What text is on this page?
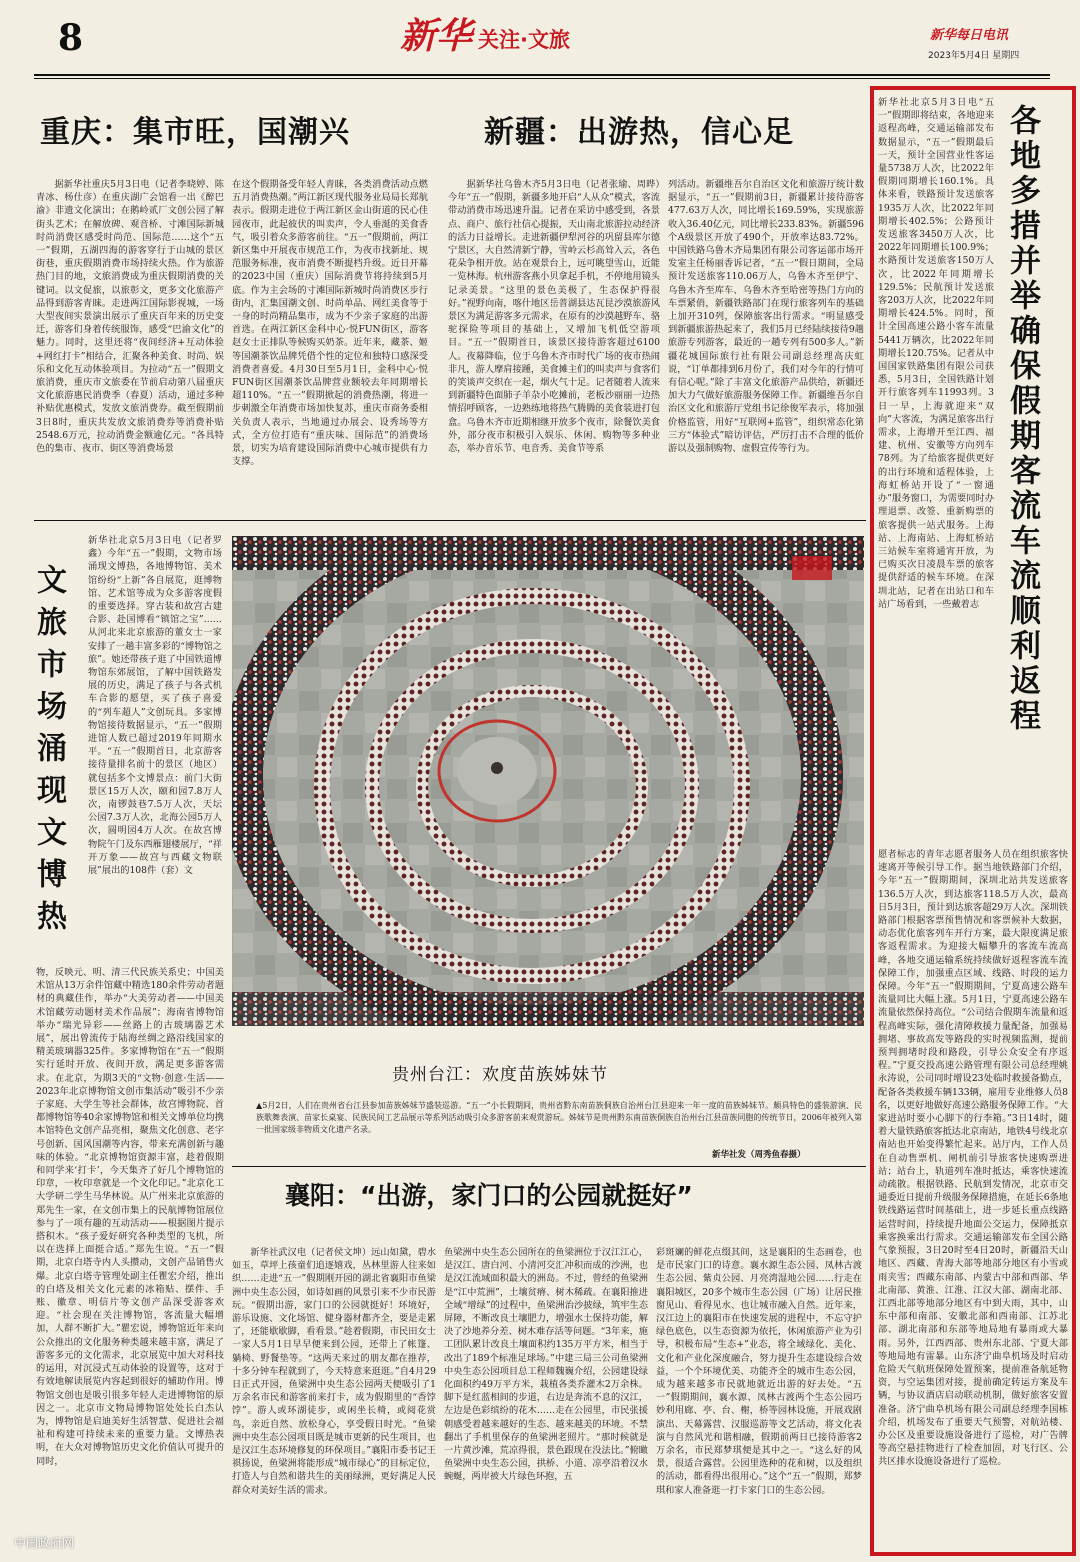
8	新华 关注·文旅	新华每日电讯
2023年5月4日 星期四
重庆：集市旺，国潮兴

据新华社重庆5月3日电（记者李晓婷、陈青冰、杨仕彦）在重庆湖广会馆看一出《醉巴渝》非遗文化演出；在鹅岭贰厂文创公园了解街头艺术；在解放碑、观音桥、寸滩国际新城时尚消费区感受时尚范、国际范……这个“五一”假期，五湖四海的游客穿行于山城的景区街巷，重庆假期消费市场持续火热。作为旅游热门目的地，文旅消费成为重庆假期消费的关键词。以文促旅，以旅彰文，更多文化旅游产品得到游客青睐。走进两江国际影视城，一场大型夜间实景演出展示了重庆百年来的历史变迁，游客们身着传统服饰，感受“巴渝文化”的魅力。同时，这里还将“夜间经济+互动体验+网红打卡”相结合，汇聚各种美食、时尚、娱乐和文化互动体验项目。为拉动“五一”假期文旅消费，重庆市文旅委在节前启动第八届重庆文化旅游惠民消费季（春夏）活动，通过多种补贴优惠模式，发放文旅消费券。截至假期前3日8时，重庆共发放文旅消费券等消费补贴2548.6万元，拉动消费金额逾亿元。“各具特色的集市、夜市、街区等消费场景

在这个假期备受年轻人青睐，各类消费活动点燃五月消费热潮。”两江新区现代服务业局局长郑航表示。假期走进位于两江新区金山街道的民心佳园夜市，此起彼伏的叫卖声，令人垂涎的美食香气，吸引着众多游客前往。“五一”假期前，两江新区集中开展夜市规范工作，为夜市找新址、规范服务标准，夜市消费不断提档升级。近日开幕的2023中国（重庆）国际消费节将持续到5月底。作为主会场的寸滩国际新城时尚消费区步行街内，汇集国潮文创、时尚单品、网红美食等于一身的时尚精品集市，成为不少亲子家庭的出游首选。在两江新区金科中心·悦FUN街区，游客赵女士正排队等候购买奶茶。近年来，藏茶、姬等国潮茶饮品牌凭借个性的定位和独特口感深受消费者喜爱。4月30日至5月1日，金科中心·悦FUN街区国潮茶饮品牌营业额较去年同期增长超110%。“五一”假期掀起的消费热潮，将进一步刺激全年消费市场加快复苏，重庆市商务委相关负责人表示，当地通过办展会、设秀场等方式，全方位打造有“重庆味、国际范”的消费场景，切实为培育建设国际消费中心城市提供有力支撑。

新疆：出游热，信心足

据新华社乌鲁木齐5月3日电（记者张瑜、周晔）今年“五一”假期，新疆多地开启“人从众”模式，客流带动消费市场迅速升温。记者在采访中感受到，各景点、商户、旅行社信心提振，天山南北旅游拉动经济的活力日益增长。走进新疆伊犁河谷的巩留县库尔德宁景区，大自然清新宁静，雪岭云杉高耸入云，各色花朵争相开放。站在观景台上，远可眺望雪山，近能一览林海。杭州游客燕小贝拿起手机，不停地用镜头记录美景。“这里的景色美极了，生态保护得很好。”视野向南，喀什地区岳普湖县达瓦昆沙漠旅游风景区为满足游客多元需求，在原有的沙漠越野车、骆驼探险等项目的基础上，又增加飞机低空游项目。“五一”假期首日，该景区接待游客超过6100人。夜幕降临，位于乌鲁木齐市时代广场的夜市热闹非凡，游人摩肩接踵，美食摊主们的叫卖声与食客们的笑谈声交织在一起，烟火气十足。记者随着人流来到新疆特色面肺子羊杂小吃摊前，老板沙丽丽一边热情招呼顾客，一边熟练地将热气腾腾的美食装进打包盒。乌鲁木齐市近期相继开放多个夜市，除餐饮美食外，部分夜市积极引入娱乐、休闲、购物等多种业态，举办音乐节、电音秀、美食节等系

列活动。新疆维吾尔自治区文化和旅游厅统计数据显示，“五一”假期前3日，新疆累计接待游客477.63万人次，同比增长169.59%，实现旅游收入36.40亿元，同比增长233.83%。新疆596个A级景区开放了490个，开放率达83.72%。中国铁路乌鲁木齐局集团有限公司客运部市场开发室主任杨丽香诉记者，“五一”假日期间，全局预计发送旅客110.06万人，乌鲁木齐至伊宁、乌鲁木齐至库车、乌鲁木齐至哈密等热门方向的车票紧俏，新疆铁路部门在现行旅客列车的基础上加开310列，保障旅客出行需求。“明显感受到新疆旅游热起来了，我们5月已经陆续接待9趟旅游专列游客，最近的一趟专列有500多人。”新疆花城国际旅行社有限公司副总经理高庆虹说，“订单都排到6月份了，我们对今年的行情可有信心呢。”除了丰富文化旅游产品供给，新疆还加大力气做好旅游服务保障工作。新疆维吾尔自治区文化和旅游厅党组书记徐俊军表示，将加强价格监管，用好“互联网+监管”，组织常态化第三方“体验式”暗访评估，严厉打击不合理的低价游以及强制购物、虚假宣传等行为。

文旅市场涌现文博热

新华社北京5月3日电（记者罗鑫）今年“五一”假期，文物市场涌现文博热，各地博物馆、美术馆纷纷“上新”各自展览，逛博物馆、艺术馆等成为众多游客度假的重要选择。穿古装和故宫古建合影、赴国博看“镇馆之宝”……从河北来北京旅游的董女士一家安排了一趟丰富多彩的“博物馆之旅”。她还带孩子逛了中国铁道博物馆东郊展馆，了解中国铁路发展的历史，满足了孩子与各式机车合影的愿望，买了孩子喜爱的“列车超人”文创玩具。多家博物馆接待数据显示，“五一”假期进馆人数已超过2019年同期水平。“五一”假期首日，北京游客接待量排名前十的景区（地区）就包括多个文博景点：前门大街景区15万人次，颐和园7.8万人次，南锣鼓巷7.5万人次，天坛公园7.3万人次，北海公园5万人次，圆明园4万人次。在故宫博物院午门及东西雁翅楼展厅，“祥开万象——故宫与西藏文物联展”展出的108件（套）文

物，反映元、明、清三代民族关系史；中国美术馆从13万余件馆藏中精选180余件劳动者题材的典藏佳作，举办“大美劳动者——中国美术馆藏劳动题材美术作品展”；海南省博物馆举办“瑞光异彩——丝路上的古玻璃器艺术展”，展出曾流传于陆海丝绸之路沿线国家的精美玻璃器325件。多家博物馆在“五一”假期实行延时开放、夜间开放，满足更多游客需求。在北京，为期3天的“文物·创意·生活——2023年北京博物馆文创市集活动”吸引不少亲子家庭、大学生等社会群体，故宫博物院、首都博物馆等40余家博物馆和相关文博单位均携本馆特色文创产品亮相，聚焦文化创意、老字号创新、国风国潮等内容，带来充满创新与趣味的体验。“北京博物馆资源丰富，趁着假期和同学来‘打卡’，今天集齐了好几个博物馆的印章，一枚印章就是一个文化印记。”北京化工大学研二学生马华林说。从广州来北京旅游的郑先生一家，在文创市集上的民航博物馆展位参与了一项有趣的互动活动——根据图片提示搭积木。“孩子爱好研究各种类型的飞机，所以在选择上面挺合适。”郑先生说。“五一”假期，北京白塔寺内人头攒动，文创产品销售火爆。北京白塔寺管理处副主任瞿宏介绍，推出的白塔及相关文化元素的冰箱贴、摆件、手账、徽章、明信片等文创产品深受游客欢迎。“社会现在关注博物馆，客流量大幅增加，人群不断扩大。”瞿宏说，博物馆近年来向公众推出的文化服务种类越来越丰富，满足了游客多元的文化需求，北京展览中加大对科技的运用，对沉浸式互动体验的设置等，这对于有效地解读展览内容起到很好的辅助作用。博物馆文创也是吸引很多年轻人走进博物馆的原因之一。北京市文物局博物馆处处长白杰认为，博物馆是启迪美好生活智慧、促进社会福祉和构建可持续未来的重要力量。文博热表明，在大众对博物馆历史文化价值认可提升的同时，

贵州台江：欢度苗族姊妹节

▲5月2日，人们在贵州省台江县参加苗族姊妹节盛装巡游。“五一”小长假期间，贵州省黔东南苗族侗族自治州台江县迎来一年一度的苗族姊妹节。颇具特色的盛装游演、民族歌舞表演、苗家长桌宴、民族民间工艺品展示等系列活动吸引众多游客前来观赏游玩。姊妹节是贵州黔东南苗族侗族自治州台江县苗族同胞的传统节日，2006年被列入第一批国家级非物质文化遗产名录。

新华社发（周秀鱼春摄）
襄阳：“出游，家门口的公园就挺好”

新华社武汉电（记者侯文坤）远山如黛，碧水如玉，草坪上孩童们追逐嬉戏，丛林里游人往来如织……走进“五一”假期刚开园的湖北省襄阳市鱼梁洲中央生态公园，如诗如画的风景引来不少市民游玩。“假期出游，家门口的公园就挺好！环境好，游乐设施、文化场馆、健身器材都齐全，要是走累了，还能歇歇脚，看看景。”趁着假期，市民田女士一家人5月1日早早便来到公园，还带上了帐篷、躺椅、野餐垫等。“这两天来过的朋友都在推荐，十多分钟车程就到了，今天特意来逛逛。”自4月29日正式开园，鱼梁洲中央生态公园两天便吸引了1万余名市民和游客前来打卡，成为假期里的“香饽饽”。游人或环湖徒步，或闲坐长椅，或阅花赏鸟，亲近自然、放松身心，享受假日时光。“鱼梁洲中央生态公园项目既是城市更新的民生项目，也是汉江生态环境修复的环保项目。”襄阳市委书记王祺扬说，鱼梁洲将能形成“城市绿心”的目标定位，打造人与自然和谐共生的美丽绿洲，更好满足人民群众对美好生活的需求。

鱼梁洲中央生态公园所在的鱼梁洲位于汉江江心，是汉江、唐白河、小清河交汇冲积而成的沙洲，也是汉江流域面积最大的洲岛。不过，曾经的鱼梁洲是“江中荒洲”，土壤贫瘠、树木稀疏。在襄阳推进全域“增绿”的过程中，鱼梁洲治沙披绿，筑牢生态屏障，不断改良土壤肥力，增强水土保持功能，解决了沙地养分差、树木难存活等问题。“3年来，施工团队累计改良土壤面积约135万平方米，相当于改出了189个标准足球场。”中建三局三公司鱼梁洲中央生态公园项目总工程师魏巍介绍，公园建设绿化面积约49万平方米，栽植各类乔灌木2万余株。脚下是红蓝相间的步道，右边是奔流不息的汉江，左边是色彩缤纷的花木……走在公园里，市民张援朝感受着越来越好的生态、越来越美的环境。不禁翻出了手机里保存的鱼梁洲老照片。“那时候就是一片黄沙滩，荒凉得很，景色跟现在没法比。”俯瞰鱼梁洲中央生态公园，拱桥、小道、凉亭沿着汉水蜿蜒，两岸被大片绿色环抱，五

彩斑斓的鲜花点缀其间，这是襄阳的生态画卷，也是市民家门口的诗意。襄水源生态公园、凤林古渡生态公园、紫贞公园、月亮湾湿地公园……行走在襄阳城区，20多个城市生态公园（广场）让居民推窗见山、看得见水、也让城市融入自然。近年来，汉江边上的襄阳市在快速发展的进程中，不忘守护绿色底色，以生态资源为依托，休闲旅游产业为引导，积极布局“生态+”业态，将全域绿化、美化、文化和产业化深度融合，努力提升生态建设综合效益，一个个环境优美、功能齐全的城市生态公园，成为越来越多市民就地就近出游的好去处。“五一”假期期间，襄水源、凤林古渡两个生态公园巧妙利用廊、亭、台、榭，桥等园林设施，开展戏剧演出、天幕露营、汉服巡游等文艺活动，将文化表演与自然风光和谐相融，假期前两日已接待游客2万余名，市民郑梦琪便是其中之一。“这么好的风景，很适合露营。公园里选种的花和树，以及组织的活动，都看得出很用心。”这个“五一”假期，郑梦琪和家人准备逛一打卡家门口的生态公园。

各地多措并举确保假期客流车流顺利返程

新华社北京5月3日电“五一”假期即将结束，各地迎来返程高峰，交通运输部发布数据显示，“五一”假期最后一天，预计全国营业性客运量5738万人次，比2022年假期同期增长160.1%。具体来看，铁路预计发送旅客1935万人次，比2022年同期增长402.5%；公路预计发送旅客3450万人次，比2022年同期增长100.9%；水路预计发送旅客150万人次，比2022年同期增长129.5%；民航预计发送旅客203万人次，比2022年同期增长424.5%。同时，预计全国高速公路小客车流量5441万辆次，比2022年同期增长120.75%。记者从中国国家铁路集团有限公司获悉，5月3日，全国铁路计划开行旅客列车11993列。3日一早，上海就迎来“双向”大客流，为满足旅客出行需求，上海增开至江西、福建、杭州、安徽等方向列车78列。为了给旅客提供更好的出行环境和适程体验，上海虹桥站开设了“一窗通办”服务窗口，为需要同时办理退票、改签、重新购票的旅客提供一站式服务。上海站、上海南站、上海虹桥站三站候车室将通宵开放，为已购买次日凌晨车票的旅客提供舒适的候车环境。在深圳北站，记者在出站口和车站广场看到，一些戴着志

愿者标志的青年志愿者服务人员在组织旅客快速离开等候引导工作。据当地铁路部门介绍，今年“五一”假期期间，深圳北站共发送旅客136.5万人次，到达旅客118.5万人次，最高日5月3日，预计到达旅客超29万人次。深圳铁路部门根据客票预售情况和客票候补大数据，动态优化旅客列车开行方案，最大限度满足旅客返程需求。为迎接大幅攀升的客流车流高峰，各地交通运输系统持续做好返程客流车流保障工作，加强重点区域、线路、时段的运力保障。今年“五一”假期期间，宁夏高速公路车流量同比大幅上涨。5月1日，宁夏高速公路车流量依然保持高位。“公司结合假期车流量和返程高峰实际，强化清障救援力量配备，加强易拥堵、事故高发等路段的实时视频监测，提前预判拥堵时段和路段，引导公众安全有序返程。”宁夏交投高速公路管理有限公司总经理姚永涛说，公司同时增设23处临时救援备勤点，配备各类救援车辆133辆，雇用专业维修人员8名，以更好地做好高速公路服务保障工作。“大家进站时要小心脚下的行李箱。”3日14时，随着大量铁路旅客抵达北京南站，地铁4号线北京南站也开始变得繁忙起来。站厅内，工作人员在自动售票机、闸机前引导旅客快速购票进站；站台上，轨道列车准时抵达，乘客快速流动疏散。根据铁路、民航到发情况，北京市交通委近日提前升级服务保障措施，在延长6条地铁线路运营时间基础上，进一步延长重点线路运营时间，持续提升地面公交运力，保障抵京乘客换乘出行需求。交通运输部发布全国公路气象预报，3日20时至4日20时，新疆沿天山地区、西藏、青海大部等地部分地区有小雪或雨夹雪；西藏东南部、内蒙古中部和西部、华北南部、黄淮、江淮、江汉大部、湖南北部、江西北部等地部分地区有中到大雨，其中，山东中部和南部、安徽北部和西南部、江苏北部、湖北南部和东部等地局地有暴雨或大暴雨。另外，江西西部、贵州东北部、宁夏大部等地局地有雷暴。山东济宁曲阜机场及时启动危险天气航班保障处置预案，提前准备航延物资，与空运集团对接，提前确定转运方案及车辆，与协议酒店启动联动机制，做好旅客安置准备。济宁曲阜机场有限公司副总经理李国栋介绍，机场发布了重要天气预警，对航站楼、办公区及重要设施设备进行了巡检，对广告牌等高空悬挂物进行了检查加固，对飞行区、公共区排水设施设备进行了巡检。

中国政府网
